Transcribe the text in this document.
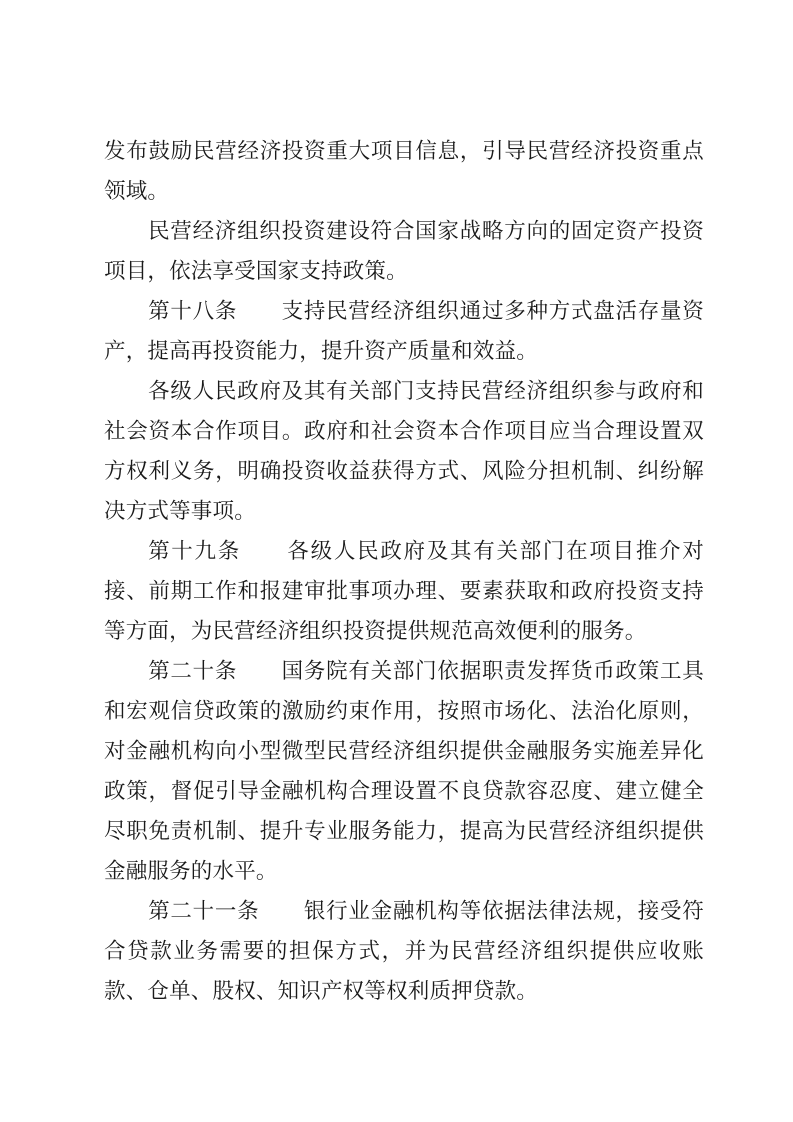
发布鼓励民营经济投资重大项目信息，引导民营经济投资重点领域。

民营经济组织投资建设符合国家战略方向的固定资产投资项目，依法享受国家支持政策。

第十八条　　支持民营经济组织通过多种方式盘活存量资产，提高再投资能力，提升资产质量和效益。

各级人民政府及其有关部门支持民营经济组织参与政府和社会资本合作项目。政府和社会资本合作项目应当合理设置双方权利义务，明确投资收益获得方式、风险分担机制、纠纷解决方式等事项。

第十九条　　各级人民政府及其有关部门在项目推介对接、前期工作和报建审批事项办理、要素获取和政府投资支持等方面，为民营经济组织投资提供规范高效便利的服务。

第二十条　　国务院有关部门依据职责发挥货币政策工具和宏观信贷政策的激励约束作用，按照市场化、法治化原则，对金融机构向小型微型民营经济组织提供金融服务实施差异化政策，督促引导金融机构合理设置不良贷款容忍度、建立健全尽职免责机制、提升专业服务能力，提高为民营经济组织提供金融服务的水平。

第二十一条　　银行业金融机构等依据法律法规，接受符合贷款业务需要的担保方式，并为民营经济组织提供应收账款、仓单、股权、知识产权等权利质押贷款。
